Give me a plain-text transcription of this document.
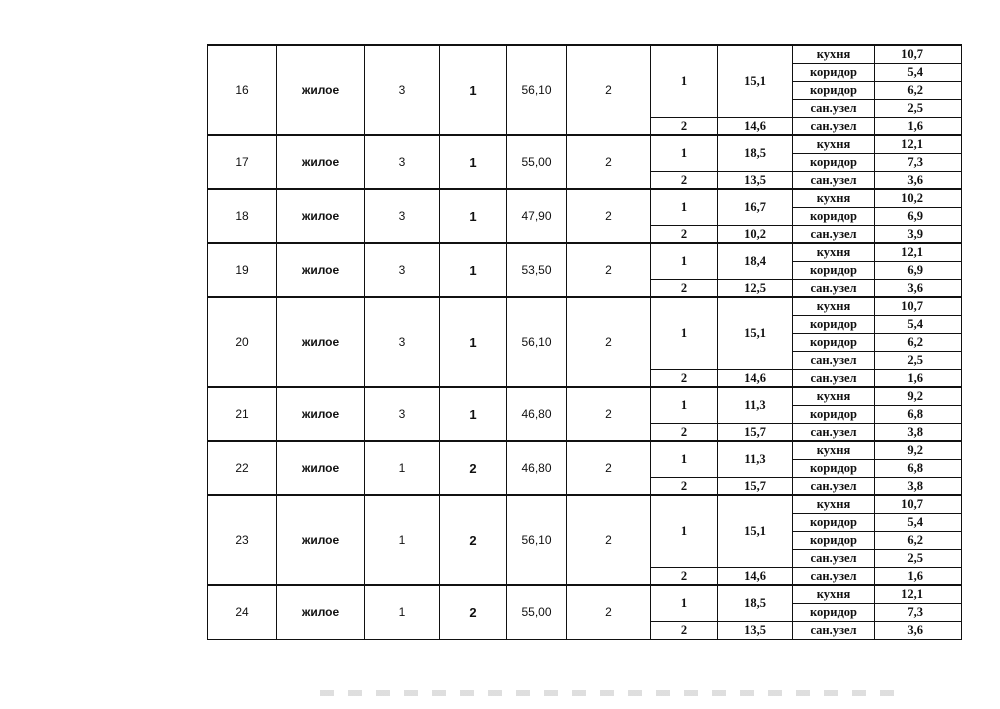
16	жилое	3	1	56,10	2	1	15,1	кухня	10,7
								коридор	5,4
								коридор	6,2
								сан.узел	2,5
						2	14,6	сан.узел	1,6
17	жилое	3	1	55,00	2	1	18,5	кухня	12,1
								коридор	7,3
						2	13,5	сан.узел	3,6
18	жилое	3	1	47,90	2	1	16,7	кухня	10,2
								коридор	6,9
						2	10,2	сан.узел	3,9
19	жилое	3	1	53,50	2	1	18,4	кухня	12,1
								коридор	6,9
						2	12,5	сан.узел	3,6
20	жилое	3	1	56,10	2	1	15,1	кухня	10,7
								коридор	5,4
								коридор	6,2
								сан.узел	2,5
						2	14,6	сан.узел	1,6
21	жилое	3	1	46,80	2	1	11,3	кухня	9,2
								коридор	6,8
						2	15,7	сан.узел	3,8
22	жилое	1	2	46,80	2	1	11,3	кухня	9,2
								коридор	6,8
						2	15,7	сан.узел	3,8
23	жилое	1	2	56,10	2	1	15,1	кухня	10,7
								коридор	5,4
								коридор	6,2
								сан.узел	2,5
						2	14,6	сан.узел	1,6
24	жилое	1	2	55,00	2	1	18,5	кухня	12,1
								коридор	7,3
						2	13,5	сан.узел	3,6
